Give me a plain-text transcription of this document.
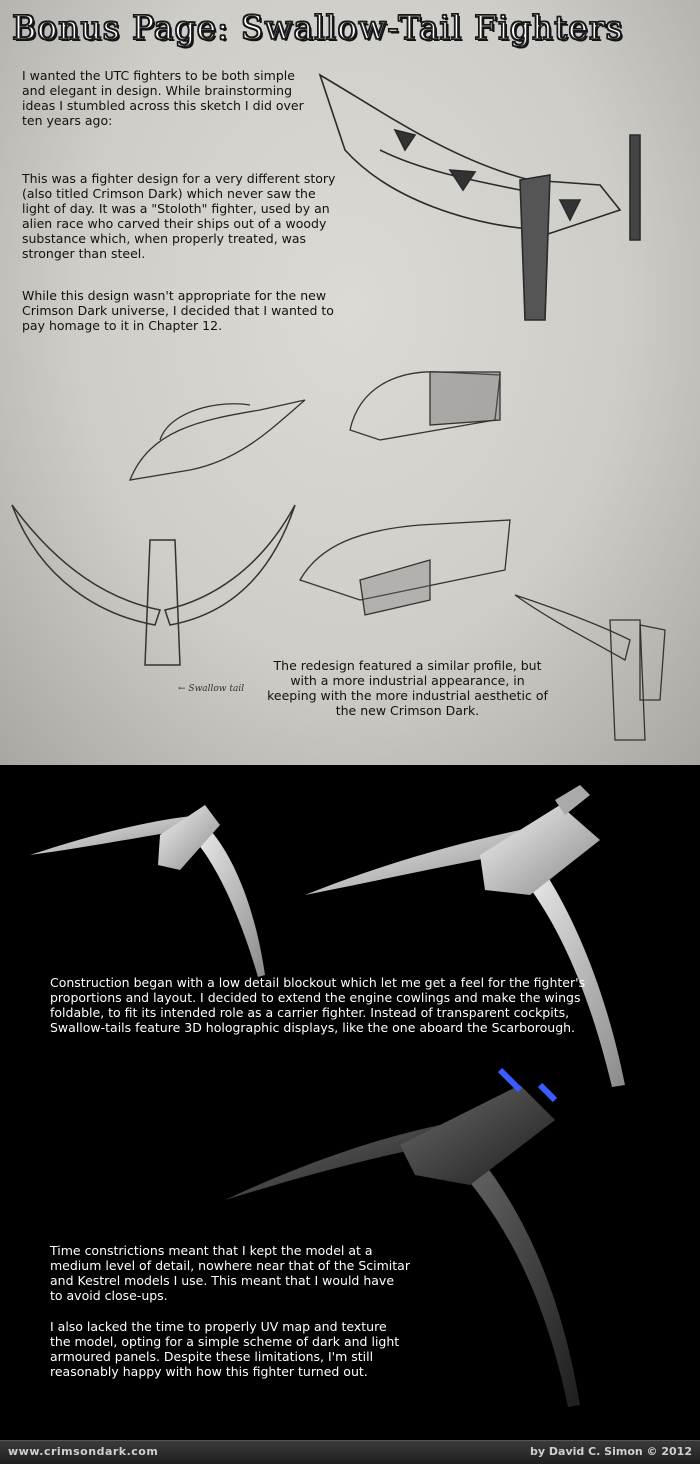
Bonus Page: Swallow-Tail Fighters
I wanted the UTC fighters to be both simple and elegant in design. While brainstorming ideas I stumbled across this sketch I did over ten years ago:
This was a fighter design for a very different story (also titled Crimson Dark) which never saw the light of day. It was a "Stoloth" fighter, used by an alien race who carved their ships out of a woody substance which, when properly treated, was stronger than steel.
While this design wasn't appropriate for the new Crimson Dark universe, I decided that I wanted to pay homage to it in Chapter 12.
The redesign featured a similar profile, but with a more industrial appearance, in keeping with the more industrial aesthetic of the new Crimson Dark.
← Swallow tail
Construction began with a low detail blockout which let me get a feel for the fighter's proportions and layout. I decided to extend the engine cowlings and make the wings foldable, to fit its intended role as a carrier fighter. Instead of transparent cockpits, Swallow-tails feature 3D holographic displays, like the one aboard the Scarborough.
Time constrictions meant that I kept the model at a medium level of detail, nowhere near that of the Scimitar and Kestrel models I use. This meant that I would have to avoid close-ups.
I also lacked the time to properly UV map and texture the model, opting for a simple scheme of dark and light armoured panels. Despite these limitations, I'm still reasonably happy with how this fighter turned out.
www.crimsondark.com	by David C. Simon © 2012
